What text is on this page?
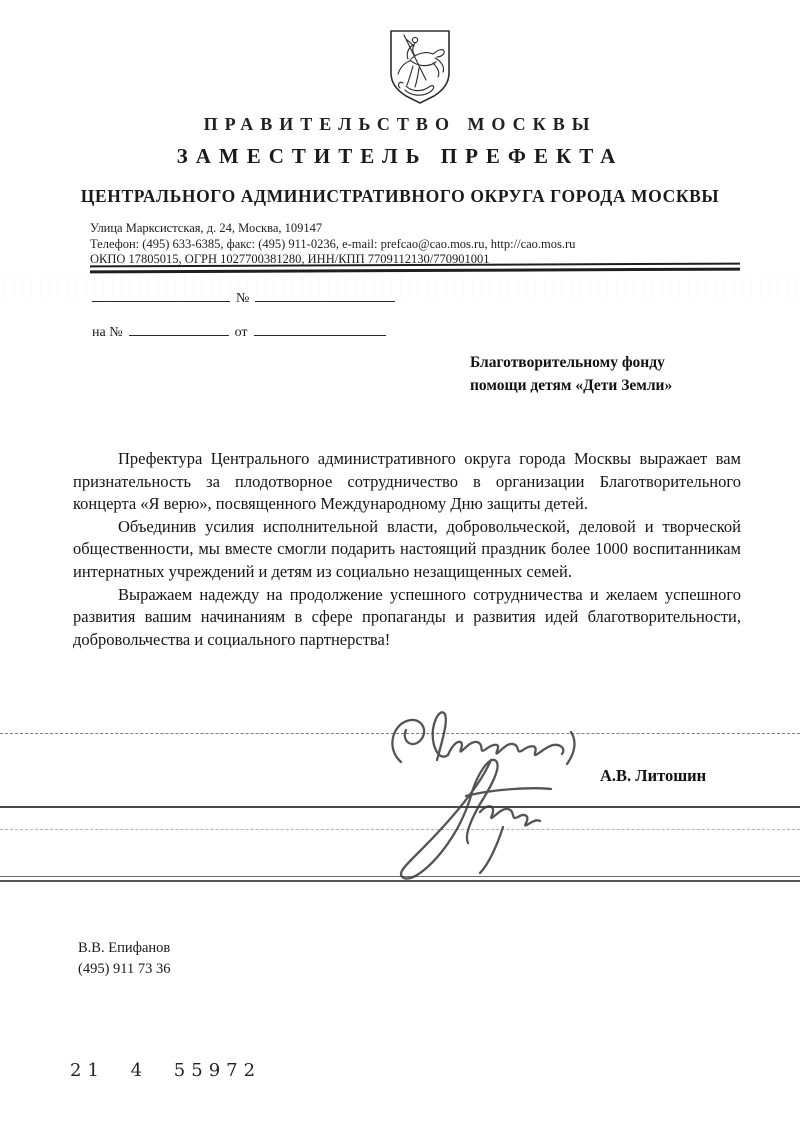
ПРАВИТЕЛЬСТВО МОСКВЫ
ЗАМЕСТИТЕЛЬ ПРЕФЕКТА
ЦЕНТРАЛЬНОГО АДМИНИСТРАТИВНОГО ОКРУГА ГОРОДА МОСКВЫ
Улица Марксистская, д. 24, Москва, 109147
Телефон: (495) 633-6385, факс: (495) 911-0236, e-mail: prefcao@cao.mos.ru, http://cao.mos.ru
ОКПО 17805015, ОГРН 1027700381280, ИНН/КПП 7709112130/770901001
№
на №	от
Благотворительному фонду
помощи детям «Дети Земли»

Префектура Центрального административного округа города Москвы выражает вам признательность за плодотворное сотрудничество в организации Благотворительного концерта «Я верю», посвященного Международному Дню защиты детей.

Объединив усилия исполнительной власти, добровольческой, деловой и творческой общественности, мы вместе смогли подарить настоящий праздник более 1000 воспитанникам интернатных учреждений и детям из социально незащищенных семей.

Выражаем надежду на продолжение успешного сотрудничества и желаем успешного развития вашим начинаниям в сфере пропаганды и развития идей благотворительности, добровольчества и социального партнерства!

А.В. Литошин
В.В. Епифанов
(495) 911 73 36
21 4 55972
